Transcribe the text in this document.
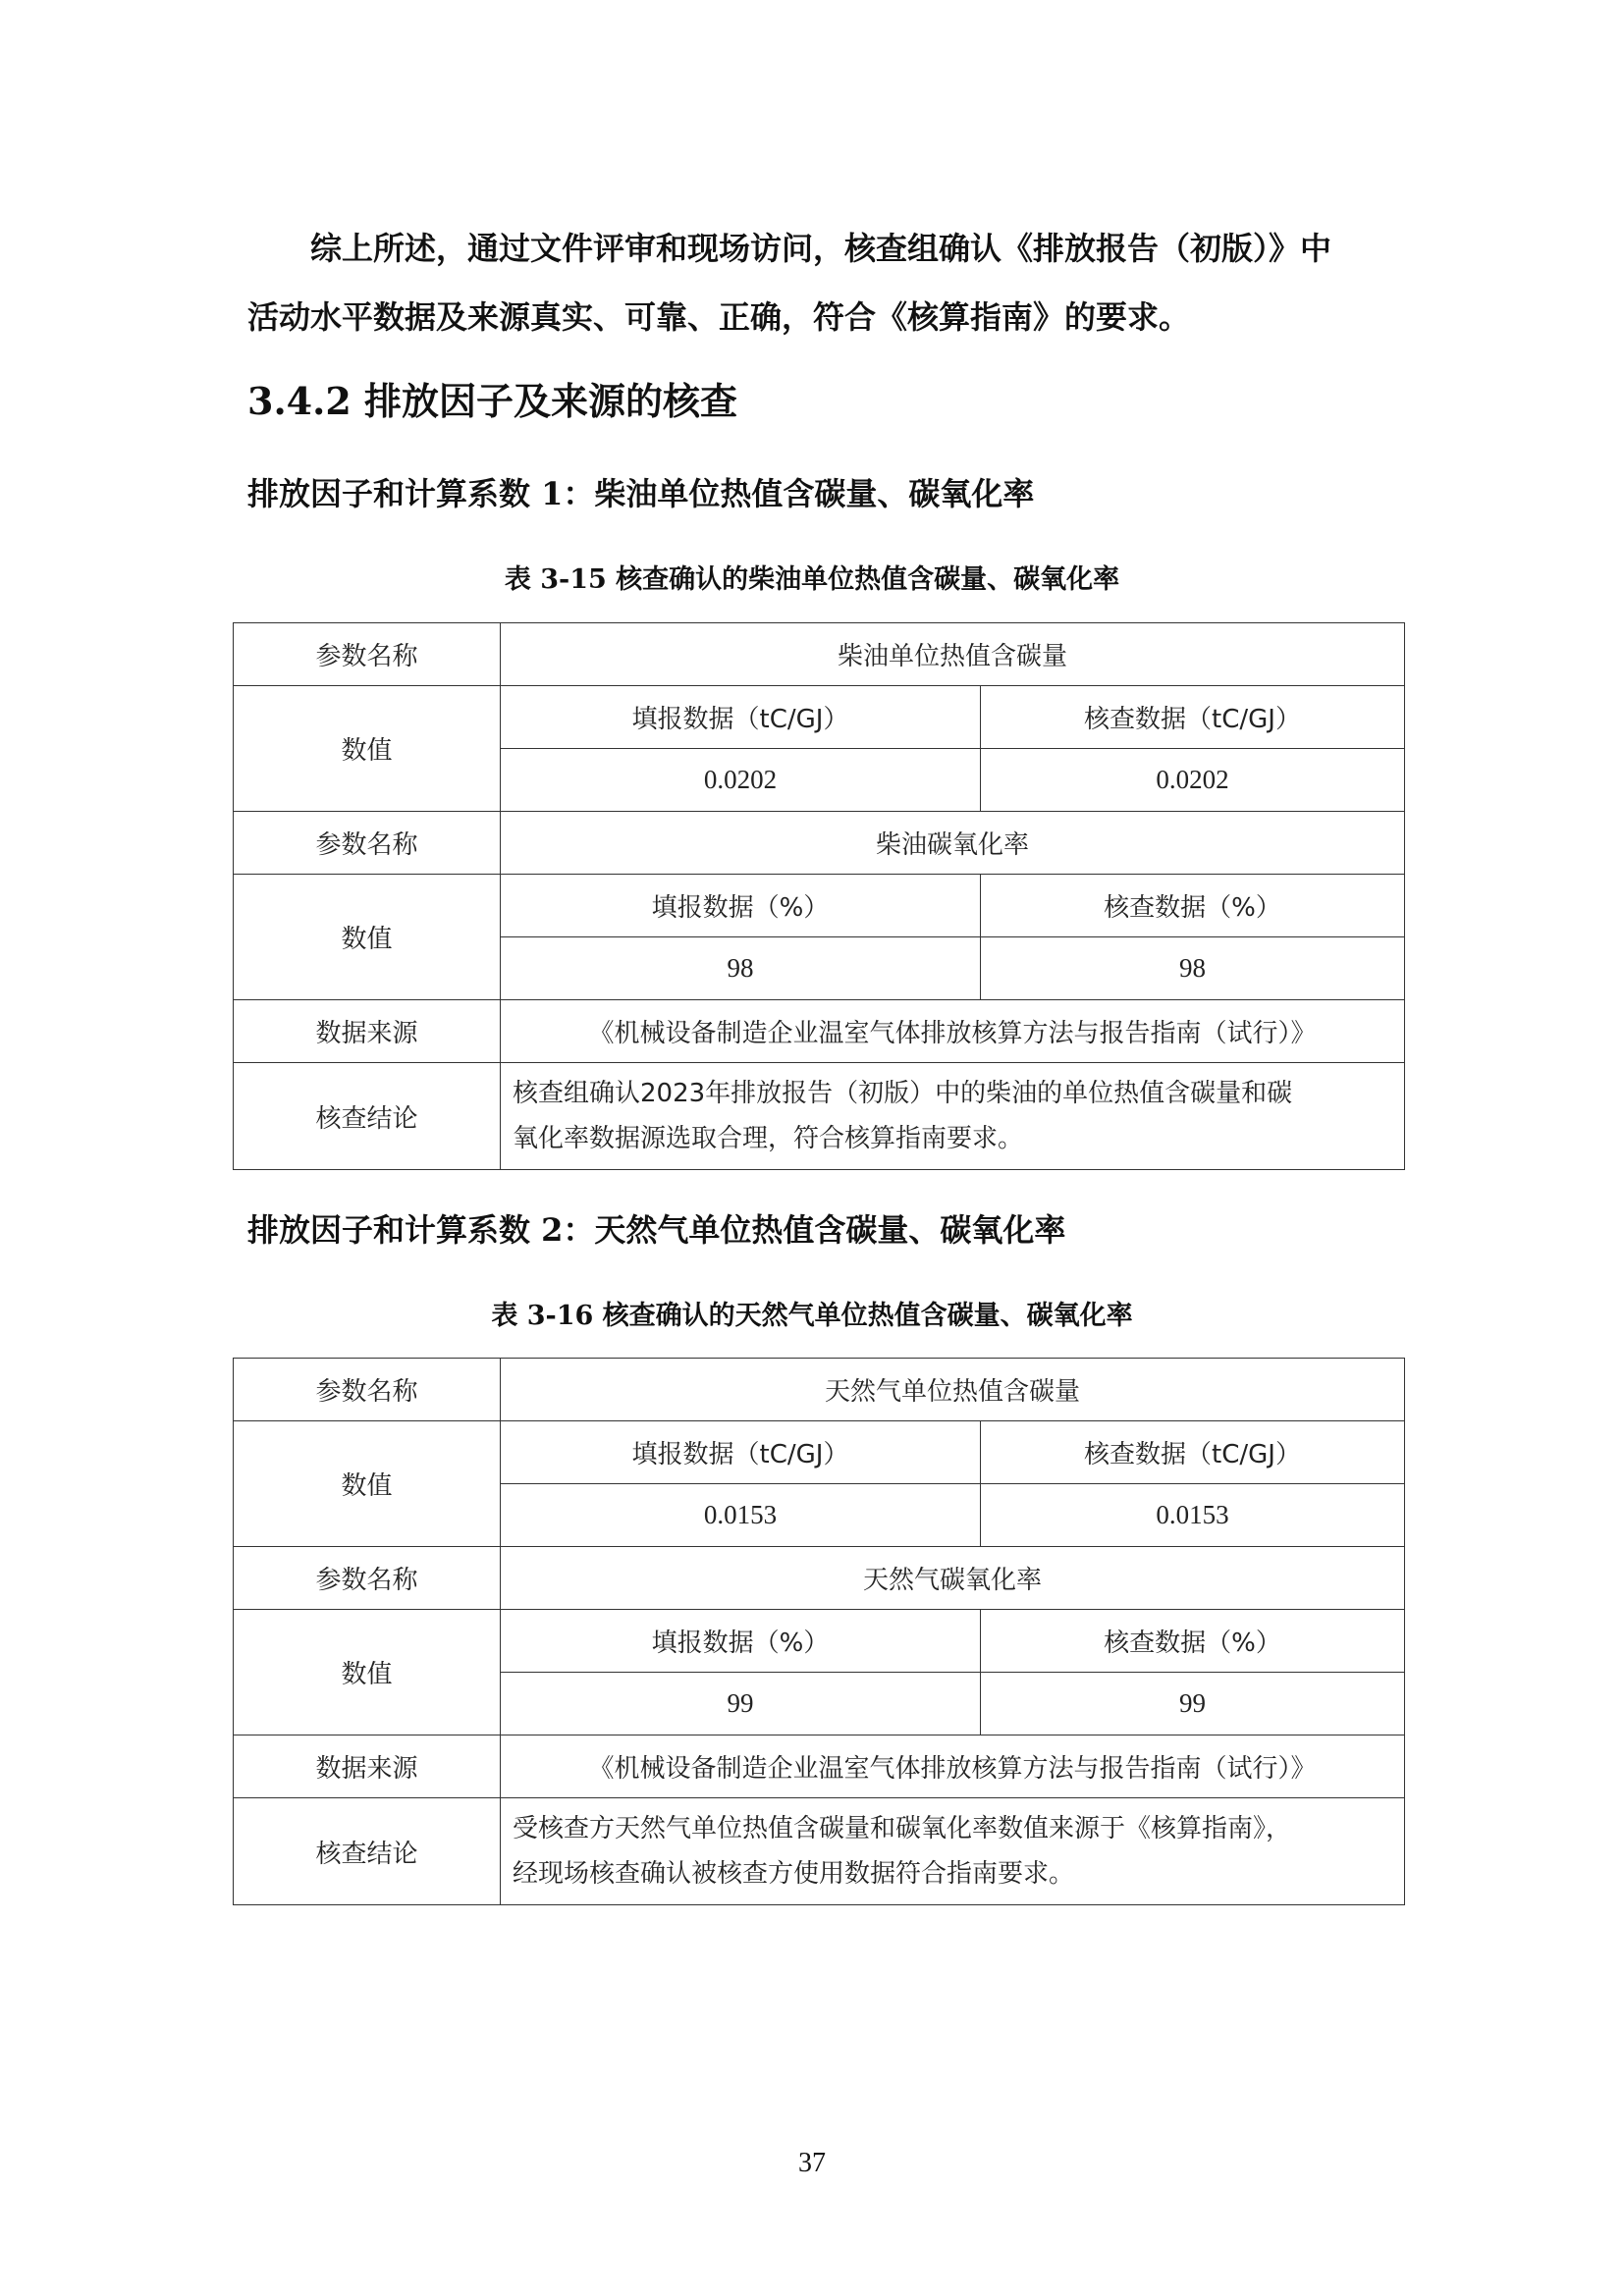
综上所述，通过文件评审和现场访问，核查组确认《排放报告（初版）》中
活动水平数据及来源真实、可靠、正确，符合《核算指南》的要求。
3.4.2 排放因子及来源的核查
排放因子和计算系数 1：柴油单位热值含碳量、碳氧化率
表 3-15 核查确认的柴油单位热值含碳量、碳氧化率
参数名称	柴油单位热值含碳量	
数值	填报数据（tC/GJ）	核查数据（tC/GJ）
	0.0202	0.0202
参数名称	柴油碳氧化率	
数值	填报数据（%）	核查数据（%）
	98	98
数据来源	《机械设备制造企业温室气体排放核算方法与报告指南（试行）》	
核查结论	核查组确认2023年排放报告（初版）中的柴油的单位热值含碳量和碳
氧化率数据源选取合理，符合核算指南要求。	
排放因子和计算系数 2：天然气单位热值含碳量、碳氧化率
表 3-16 核查确认的天然气单位热值含碳量、碳氧化率
参数名称	天然气单位热值含碳量	
数值	填报数据（tC/GJ）	核查数据（tC/GJ）
	0.0153	0.0153
参数名称	天然气碳氧化率	
数值	填报数据（%）	核查数据（%）
	99	99
数据来源	《机械设备制造企业温室气体排放核算方法与报告指南（试行）》	
核查结论	受核查方天然气单位热值含碳量和碳氧化率数值来源于《核算指南》，
经现场核查确认被核查方使用数据符合指南要求。	
37
